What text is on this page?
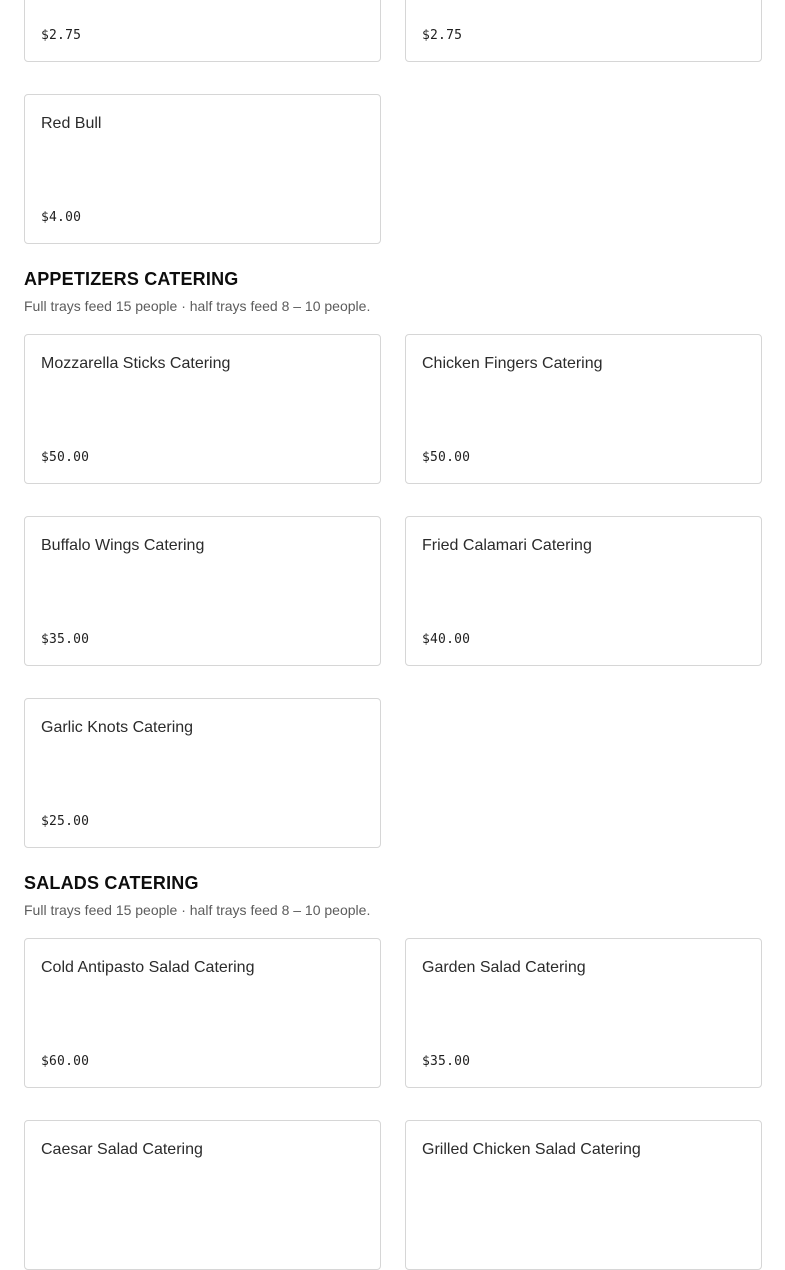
$2.75	$2.75
Red Bull
$4.00
APPETIZERS CATERING

Full trays feed 15 people · half trays feed 8 – 10 people.

Mozzarella Sticks Catering
$50.00
Chicken Fingers Catering
$50.00
Buffalo Wings Catering
$35.00
Fried Calamari Catering
$40.00
Garlic Knots Catering
$25.00
SALADS CATERING

Full trays feed 15 people · half trays feed 8 – 10 people.

Cold Antipasto Salad Catering
$60.00
Garden Salad Catering
$35.00
Caesar Salad Catering	Grilled Chicken Salad Catering
